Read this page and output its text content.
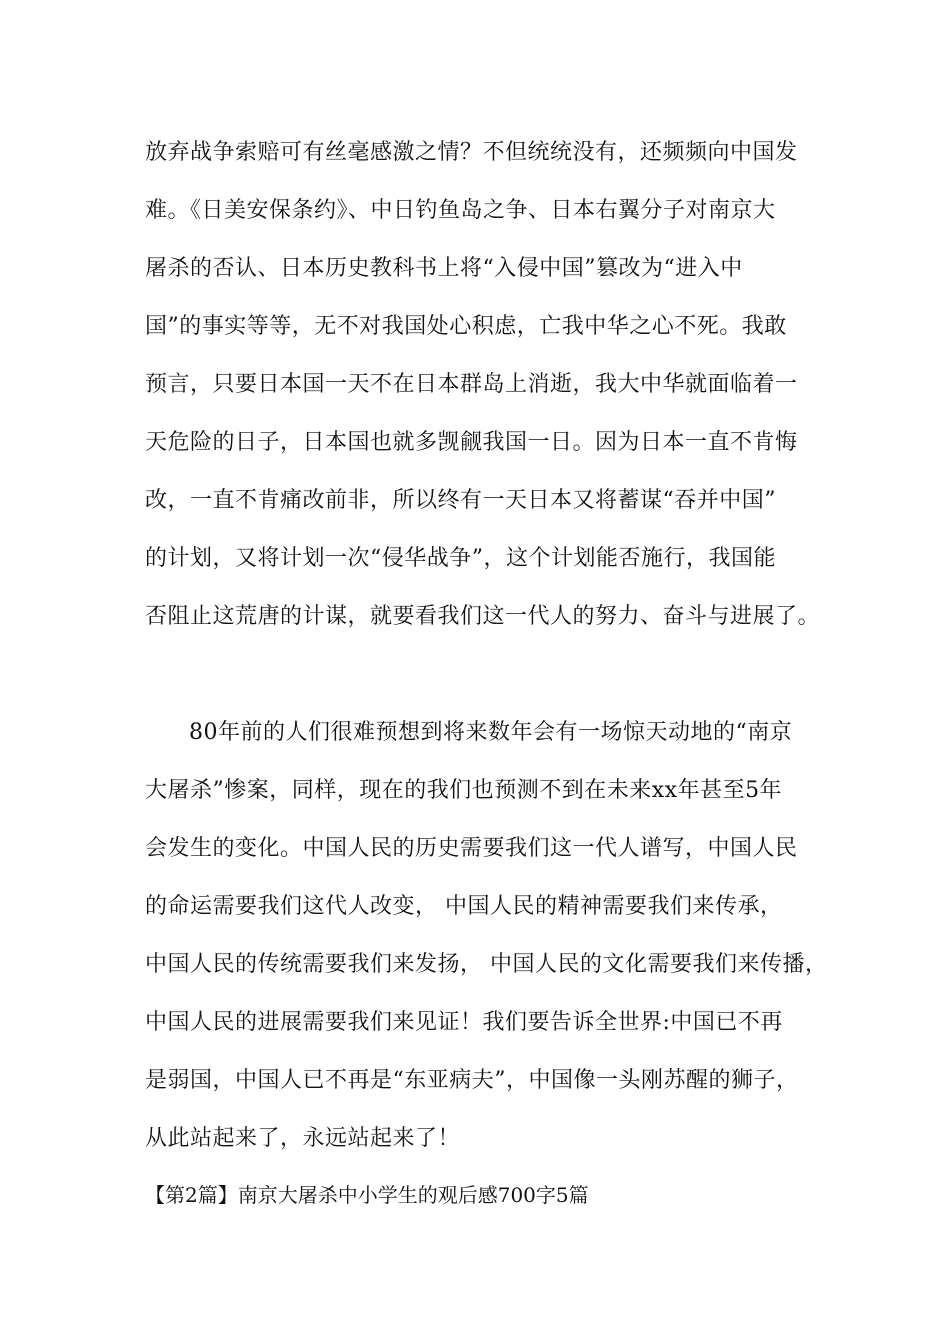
放弃战争索赔可有丝毫感激之情？不但统统没有，还频频向中国发
难。《日美安保条约》、中日钓鱼岛之争、日本右翼分子对南京大
屠杀的否认、日本历史教科书上将“入侵中国”篡改为“进入中
国”的事实等等，无不对我国处心积虑，亡我中华之心不死。我敢
预言，只要日本国一天不在日本群岛上消逝，我大中华就面临着一
天危险的日子，日本国也就多觊觎我国一日。因为日本一直不肯悔
改，一直不肯痛改前非，所以终有一天日本又将蓄谋“吞并中国”
的计划，又将计划一次“侵华战争”，这个计划能否施行，我国能
否阻止这荒唐的计谋，就要看我们这一代人的努力、奋斗与进展了。
80年前的人们很难预想到将来数年会有一场惊天动地的“南京
大屠杀”惨案，同样，现在的我们也预测不到在未来xx年甚至5年
会发生的变化。中国人民的历史需要我们这一代人谱写，中国人民
的命运需要我们这代人改变， 中国人民的精神需要我们来传承，
中国人民的传统需要我们来发扬， 中国人民的文化需要我们来传播，
中国人民的进展需要我们来见证！我们要告诉全世界:中国已不再
是弱国，中国人已不再是“东亚病夫”，中国像一头刚苏醒的狮子，
从此站起来了，永远站起来了！
【第2篇】南京大屠杀中小学生的观后感700字5篇
